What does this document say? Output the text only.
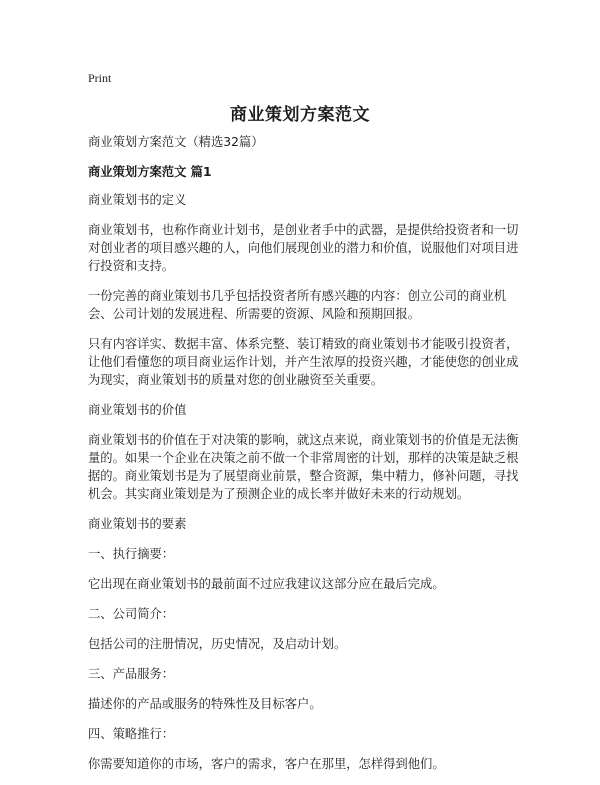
Print
商业策划方案范文

商业策划方案范文（精选32篇）

商业策划方案范文 篇1

商业策划书的定义

商业策划书，也称作商业计划书，是创业者手中的武器，是提供给投资者和一切对创业者的项目感兴趣的人，向他们展现创业的潜力和价值，说服他们对项目进行投资和支持。

一份完善的商业策划书几乎包括投资者所有感兴趣的内容：创立公司的商业机会、公司计划的发展进程、所需要的资源、风险和预期回报。

只有内容详实、数据丰富、体系完整、装订精致的商业策划书才能吸引投资者，让他们看懂您的项目商业运作计划，并产生浓厚的投资兴趣，才能使您的创业成为现实，商业策划书的质量对您的创业融资至关重要。

商业策划书的价值

商业策划书的价值在于对决策的影响，就这点来说，商业策划书的价值是无法衡量的。如果一个企业在决策之前不做一个非常周密的计划，那样的决策是缺乏根据的。商业策划书是为了展望商业前景，整合资源，集中精力，修补问题，寻找机会。其实商业策划是为了预测企业的成长率并做好未来的行动规划。

商业策划书的要素

一、执行摘要：

它出现在商业策划书的最前面不过应我建议这部分应在最后完成。

二、公司简介：

包括公司的注册情况，历史情况，及启动计划。

三、产品服务：

描述你的产品或服务的特殊性及目标客户。

四、策略推行：

你需要知道你的市场，客户的需求，客户在那里，怎样得到他们。
